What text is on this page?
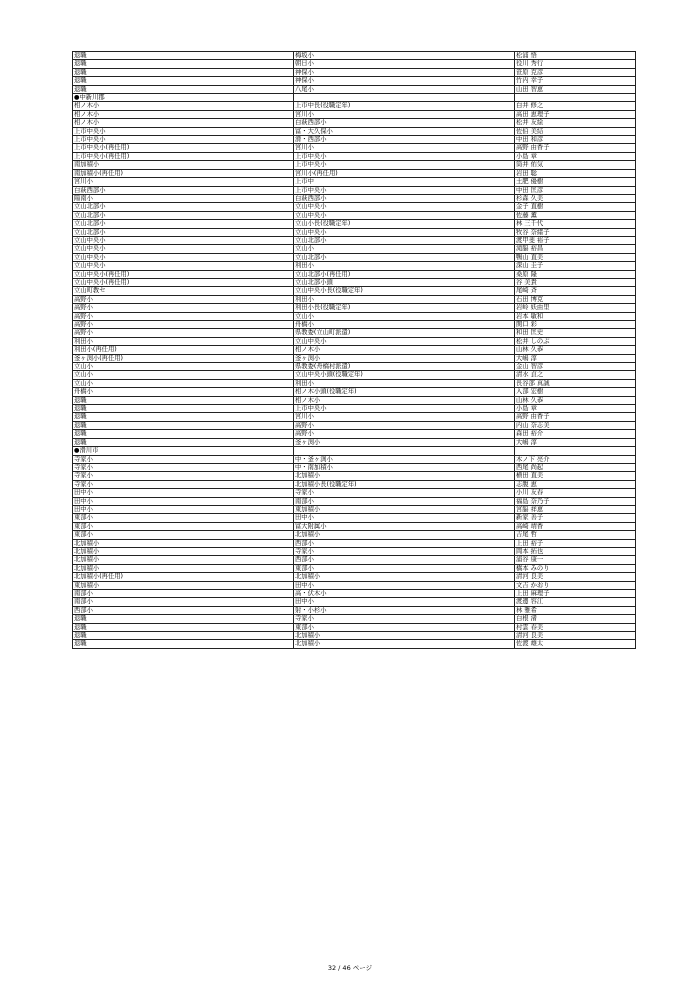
退職	梅坂小	松浦 悟
退職	朝日小	役川 秀行
退職	神保小	笹原 克彦
退職	神保小	竹内 幸子
退職	八尾小	山田 智恵
●中新川郡		
相ノ木小	上市中長(役職定年)	白井 修之
相ノ木小	宮川小	高田 恵理子
相ノ木小	白萩西部小	松井 友絵
上市中央小	富・大久保小	佐伯 美結
上市中央小	滑・西部小	中田 和彦
上市中央小(再任用)	宮川小	高野 由香子
上市中央小(再任用)	上市中央小	小島 章
南加積小	上市中央小	筒井 佑気
南加積小(再任用)	宮川小(再任用)	岩田 聡
宮川小	上市中	土肥 優樹
白萩西部小	上市中央小	中田 匡彦
陽南小	白萩西部小	杉森 久美
立山北部小	立山中央小	金子 直樹
立山北部小	立山中央小	佐藤 薫
立山北部小	立山小長(役職定年)	林 三千代
立山北部小	立山中央小	牧谷 奈緒子
立山中央小	立山北部小	渡甲斐 裕子
立山中央小	立山小	滝脇 裕昌
立山中央小	立山北部小	鴨山 直美
立山中央小	利田小	深山 圭子
立山中央小(再任用)	立山北部小(再任用)	桑原 隆
立山中央小(再任用)	立山北部小頭	谷 美貴
立山町教セ	立山中央小長(役職定年)	尾崎 斉
高野小	利田小	石田 博克
高野小	利田小長(役職定年)	岩岭 妖由里
高野小	立山小	岩本 敏和
高野小	舟橋小	関口 彩
高野小	県教委(立山町派遣)	和田 匡史
利田小	立山中央小	松井 しのぶ
利田小(再任用)	相ノ木小	山林 久恭
釜ヶ渕小(再任用)	釜ヶ渕小	大嶋 淳
立山小	県教委(舟橋村派遣)	金山 智彦
立山小	立山中央小頭(役職定年)	清水 貞之
立山小	利田小	長谷部 真誠
舟橋小	相ノ木小頭(役職定年)	入部 宏樹
退職	相ノ木小	山林 久恭
退職	上市中央小	小島 章
退職	宮川小	高野 由香子
退職	高野小	内山 奈志美
退職	高野小	森田 裕介
退職	釜ヶ渕小	大嶋 淳
●滑川市		
寺家小	中・釜ヶ渕小	木ノ下 亮介
寺家小	中・南加積小	西尾 尚起
寺家小	北加積小	横田 直美
寺家小	北加積小長(役職定年)	志腹 恵
田中小	寺家小	小川 友春
田中小	南部小	福島 奈乃子
田中小	東加積小	宮脇 祥恵
東部小	田中小	新家 善子
東部小	富大附属小	高崎 靖香
東部小	北加積小	吉尾 哲
北加積小	西部小	上田 裕子
北加積小	寺家小	岡本 拓也
北加積小	西部小	浦谷 康一
北加積小	東部小	橋本 みのり
北加積小(再任用)	北加積小	清河 良美
東加積小	田中小	文吉 かおり
南部小	高・伏木小	上田 麻理子
南部小	田中小	渡邊 容江
西部小	射・小杉小	林 雅希
退職	寺家小	白根 渚
退職	東部小	村雲 春美
退職	北加積小	清河 良美
退職	北加積小	佐渡 雄太
32 / 46 ページ
